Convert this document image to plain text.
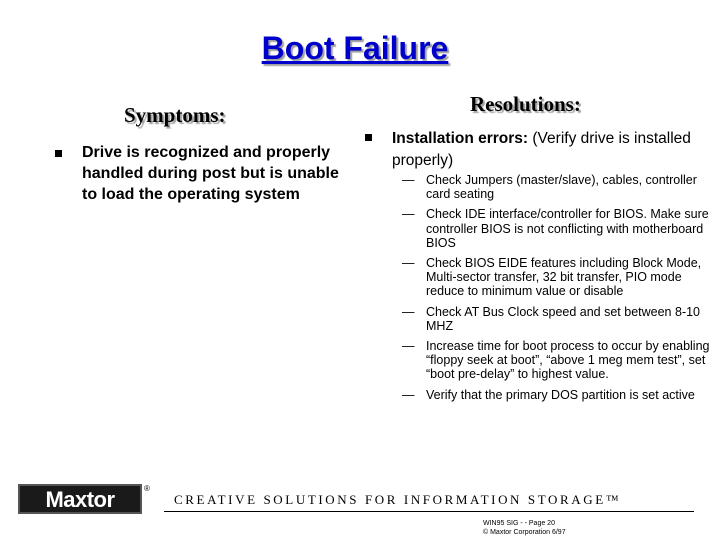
Boot Failure
Symptoms:
Drive is recognized and properly handled during post but is unable to load the operating system
Resolutions:
Installation errors: (Verify drive is installed properly)
— Check Jumpers (master/slave), cables, controller card seating
— Check IDE interface/controller for BIOS. Make sure controller BIOS is not conflicting with motherboard BIOS
— Check BIOS EIDE features including Block Mode, Multi-sector transfer, 32 bit transfer, PIO mode reduce to minimum value or disable
— Check AT Bus Clock speed and set between 8-10 MHZ
— Increase time for boot process to occur by enabling “floppy seek at boot”, “above 1 meg mem test”, set “boot pre-delay” to highest value.
— Verify that the primary DOS partition is set active
Maxtor	®
CREATIVE SOLUTIONS FOR INFORMATION STORAGE™
WIN95 SIG - - Page 20
© Maxtor Corporation 6/97
